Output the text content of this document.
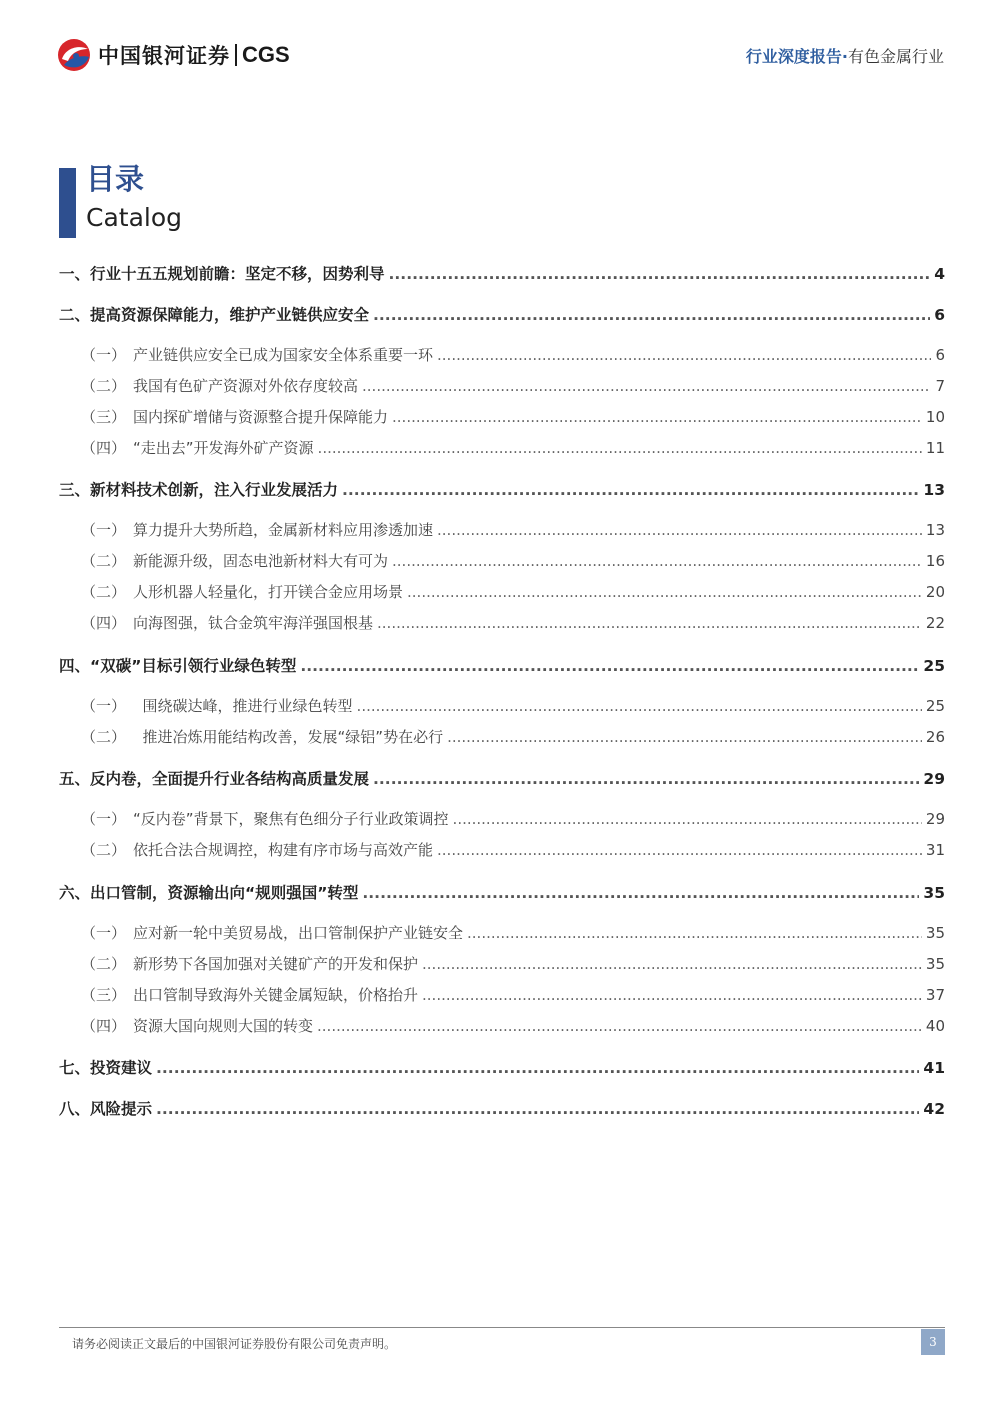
中国银河证券 CGS	行业深度报告·有色金属行业
目录
Catalog
一、 行业十五五规划前瞻：坚定不移，因势利导 .....	4
二、 提高资源保障能力，维护产业链供应安全 .....	6
（一） 产业链供应安全已成为国家安全体系重要一环 .....	6
（二） 我国有色矿产资源对外依存度较高 .....	7
（三） 国内探矿增储与资源整合提升保障能力 .....	10
（四） “走出去”开发海外矿产资源 .....	11
三、 新材料技术创新，注入行业发展活力 .....	13
（一） 算力提升大势所趋，金属新材料应用渗透加速 .....	13
（二） 新能源升级，固态电池新材料大有可为 .....	16
（二） 人形机器人轻量化，打开镁合金应用场景 .....	20
（四） 向海图强，钛合金筑牢海洋强国根基 .....	22
四、 “双碳”目标引领行业绿色转型 .....	25
（一） 围绕碳达峰，推进行业绿色转型 .....	25
（二） 推进冶炼用能结构改善，发展“绿铝”势在必行 .....	26
五、 反内卷，全面提升行业各结构高质量发展 .....	29
（一） “反内卷”背景下，聚焦有色细分子行业政策调控 .....	29
（二） 依托合法合规调控，构建有序市场与高效产能 .....	31
六、 出口管制，资源输出向“规则强国”转型 .....	35
（一） 应对新一轮中美贸易战，出口管制保护产业链安全 .....	35
（二） 新形势下各国加强对关键矿产的开发和保护 .....	35
（三） 出口管制导致海外关键金属短缺，价格抬升 .....	37
（四） 资源大国向规则大国的转变 .....	40
七、 投资建议 .....	41
八、 风险提示 .....	42
请务必阅读正文最后的中国银河证券股份有限公司免责声明。	3
